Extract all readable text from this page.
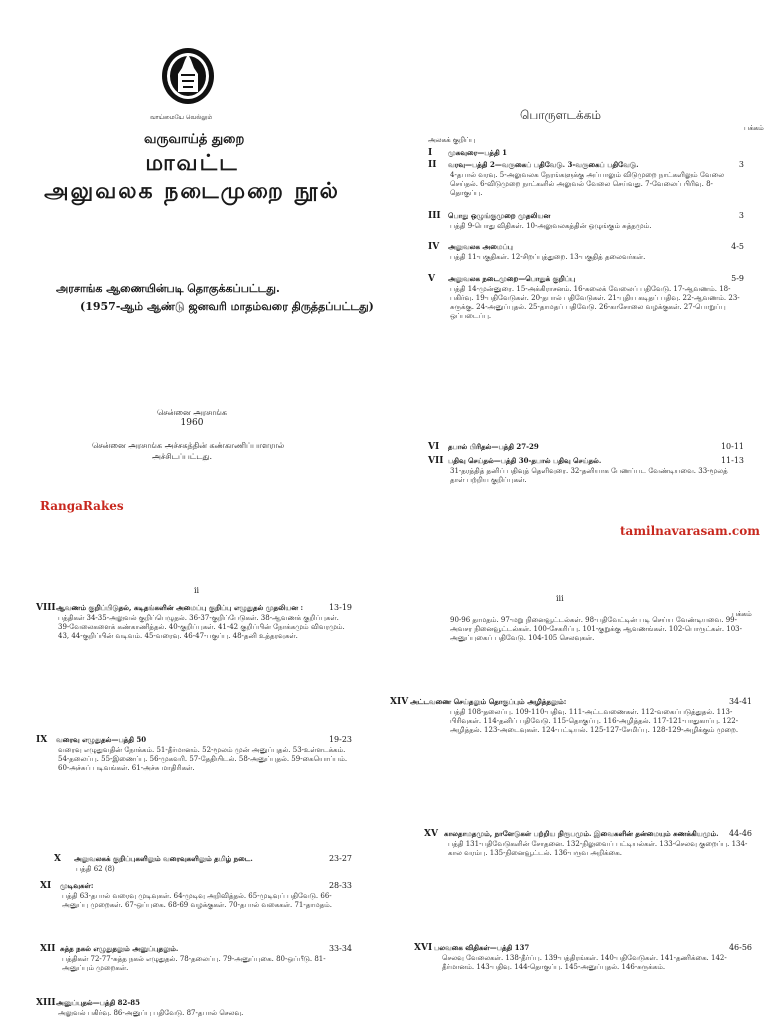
வாய்மையே வெல்லும்
வருவாய்த் துறை
மாவட்ட
அலுவலக நடைமுறை நூல்
அரசாங்க ஆணையின்படி தொகுக்கப்பட்டது.
(1957-ஆம் ஆண்டு ஜனவரி மாதம்வரை திருத்தப்பட்டது)
சென்னை அரசாங்க
1960
சென்னை அரசாங்க அச்சகத்தின் கண்காணிப்பாளரால்
அச்சிடப்பட்டது.
RangaRakes
பொருளடக்கம்
பக்கம்
அலகக் குறிப்பு
I முகவுரை—பத்தி 1
II வரவு—பத்தி 2—வருகைப் பதிவேடு. 3-வருகைப் பதிவேடு.	3
4-தபால் வரவு. 5-அலுவலக நேரங்களுக்கு அப்பாலும் விடுமுறை நாட்களிலும் வேலை செய்தல். 6-விடுமுறை நாட்களில் அலுவல் வேலை செய்வது. 7-வேலைப் பிரிவு. 8-தொகுப்பு.
III பொது ஒழுங்குமுறை முதலியன	3
பத்தி 9-பொது விதிகள். 10-அலுவலகத்தின் ஒழுங்கும் சுத்தமும்.
IV அலுவலக அமைப்பு	4-5
பத்தி 11-பகுதிகள். 12-சிறப்புத்துறை. 13-பகுதித் தலைவர்கள்.
V அலுவலக நடைமுறை—பொதுக் குறிப்பு	5-9
பத்தி 14-முன்னுரை. 15-அக்கிராசனம். 16-கலைக் வேலைப் பதிவேடு. 17-ஆவணம். 18-பகிர்வு. 19-பதிவேடுகள். 20-தபால் பதிவேடுகள். 21-புதிய கடிதப் பதிவு. 22-ஆவணம். 23-சுருக்கு. 24-அனுப்புதல். 25-தாமதப் பதிவேடு. 26-காசோலை வழக்குகள். 27-பொறுப்பு ஒப்படைப்பு.
VI தபால் பிரிதல்—பத்தி 27-29	10-11
VII பதிவு செய்தல்—பத்தி 30-தபால் பதிவு செய்தல்.	11-13
31-தரத்தித் தனிப் பதிவுத் தெளிவுரை. 32-தனியாக பேணப்பட வேண்டியவை. 33-மூலத் தாள் பற்றிய குறிப்புகள்.
tamilnavarasam.com
ii
VIIIஆவணம் குறிப்பிடுதல், கடிதங்களின் அமைப்பு குறிப்பு எழுதுதல் முதலியன :	13-19
பத்திகள் 34-35-அலுவல் குறிப்பெழுதல். 36-37-குறிப்பேடுகள். 38-ஆவணக் குறிப்புகள். 39-வேலைகளைக் கண்காணித்தல். 40-குறிப்புகள். 41-42 குறிப்பின் நோக்கமும் விவரமும். 43, 44-குறிப்பின் வடிவம். 45-வரைவு. 46-47-பகுப்பு. 48-தனி உத்தரவுகள்.
IX வரைவு எழுதுதல்—பத்தி 50	19-23
வரைவு எழுதுவதின் நோக்கம். 51-தீர்மானம். 52-மூலம் முன் அனுப்புதல். 53-உள்ளடக்கம். 54-தலைப்பு. 55-இணைப்பு. 56-முகவரி. 57-தேதியிடல். 58-அனுப்புதல். 59-கையொப்பம். 60-அச்சுப் படிவங்கள். 61-அச்சு மாதிரிகள்.
X அலுவலகக் குறிப்புகளிலும் வரைவுகளிலும் தமிழ் நடை.	23-27
பத்தி 62 (8)
XI முடிவுகள்:	28-33
பத்தி 63-தபால் வரைவு முடிவுகள். 64-முடிவு அறிவித்தல். 65-முடிவுப் பதிவேடு. 66-அனுப்பு முறைகள். 67-ஒப்புகை. 68-69 வழக்குகள். 70-தபால் வகைகள். 71-தாமதம்.
XII சுத்த நகல் எழுதுதலும் அனுப்புதலும்.	33-34
பத்திகள் 72-77-சுத்த நகல் எழுதுதல். 78-தலைப்பு. 79-அனுப்புகை. 80-ஒப்பீடு. 81-அனுப்பும் முறைகள்.
XIIIஅனுப்புதல்—பத்தி 82-85
அலுவல் பகிர்வு. 86-அனுப்பு பதிவேடு. 87-தபால் செலவு.
iii
பக்கம்
90-96 தாமதம். 97-மறு நினைவூட்டல்கள். 98-பதிவேட்டின் படி செய்ய வேண்டியவை. 99-அவசர நினைவூட்டல்கள். 100-சேகரிப்பு. 101-குறுக்கு ஆவணங்கள். 102-பொருட்கள். 103-அனுப்புகைப் பதிவேடு. 104-105 செலவுகள்.
XIV அட்டவணை செய்தலும் தொகுப்பும் அழித்தலும்:	34-41
பத்தி 108-தலைப்பு. 109-110-பதிவு. 111-அட்டவணைகள். 112-வகைப்படுத்துதல். 113-பிரிவுகள். 114-தனிப் பதிவேடு. 115-தொகுப்பு. 116-அழித்தல். 117-121-பாதுகாப்பு. 122-அழித்தல். 123-அடைவுகள். 124-பட்டியல். 125-127-சேமிப்பு. 128-129-அழிக்கும் முறை.
XV காலதாமதமும், நாளேடுகள் பற்றிய நிரூபமும். இவைகளின் தன்மையும் சுணக்கியமும். 44-46
பத்தி 131-பதிவேடுகளின் சோதனை. 132-நிலுவைப் பட்டியல்கள். 133-செலவு குறைப்பு. 134-கால வரம்பு. 135-நினைவூட்டல். 136-பருவ அறிக்கை.
XVI பலவகை விதிகள்—பத்தி 137	46-56
செலவு வேலைகள். 138-தீர்ப்பு. 139-பத்திரங்கள். 140-பதிவேடுகள். 141-தணிக்கை. 142-தீர்மானம். 143-பதிவு. 144-தொகுப்பு. 145-அனுப்புதல். 146-சுருக்கம்.
